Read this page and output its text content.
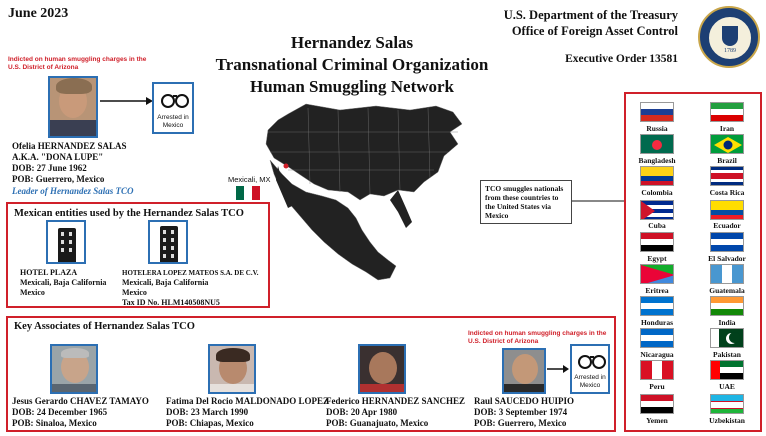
June 2023
Hernandez Salas
Transnational Criminal Organization
Human Smuggling Network
U.S. Department of the Treasury
Office of Foreign Asset Control
Executive Order 13581
1789
Indicted on human smuggling charges in the U.S. District of Arizona
Arrested in Mexico
Ofelia HERNANDEZ SALAS
A.K.A. "DONA LUPE"
DOB: 27 June 1962
POB: Guerrero, Mexico
Leader of Hernandez Salas TCO
Mexicali, MX
Mexican entities used by the Hernandez Salas TCO
HOTEL PLAZA
Mexicali, Baja California
Mexico
HOTELERA LOPEZ MATEOS S.A. DE C.V.
Mexicali, Baja California
Mexico
Tax ID No. HLM140508NU5
Key Associates of Hernandez Salas TCO
Jesus Gerardo CHAVEZ TAMAYO
DOB: 24 December 1965
POB: Sinaloa, Mexico
Fatima Del Rocio MALDONADO LOPEZ
DOB: 23 March 1990
POB: Chiapas, Mexico
Federico HERNANDEZ SANCHEZ
DOB: 20 Apr 1980
POB: Guanajuato, Mexico
Indicted on human smuggling charges in the U.S. District of Arizona
Arrested in Mexico
Raul SAUCEDO HUIPIO
DOB: 3 September 1974
POB: Guerrero, Mexico
TCO smuggles nationals from these countries to the United States via Mexico
Russia
Bangladesh
Colombia
Cuba
Egypt
Eritrea
Honduras
Nicaragua
Peru
Yemen
Iran
Brazil
Costa Rica
Ecuador
El Salvador
Guatemala
India
Pakistan
UAE
Uzbekistan
